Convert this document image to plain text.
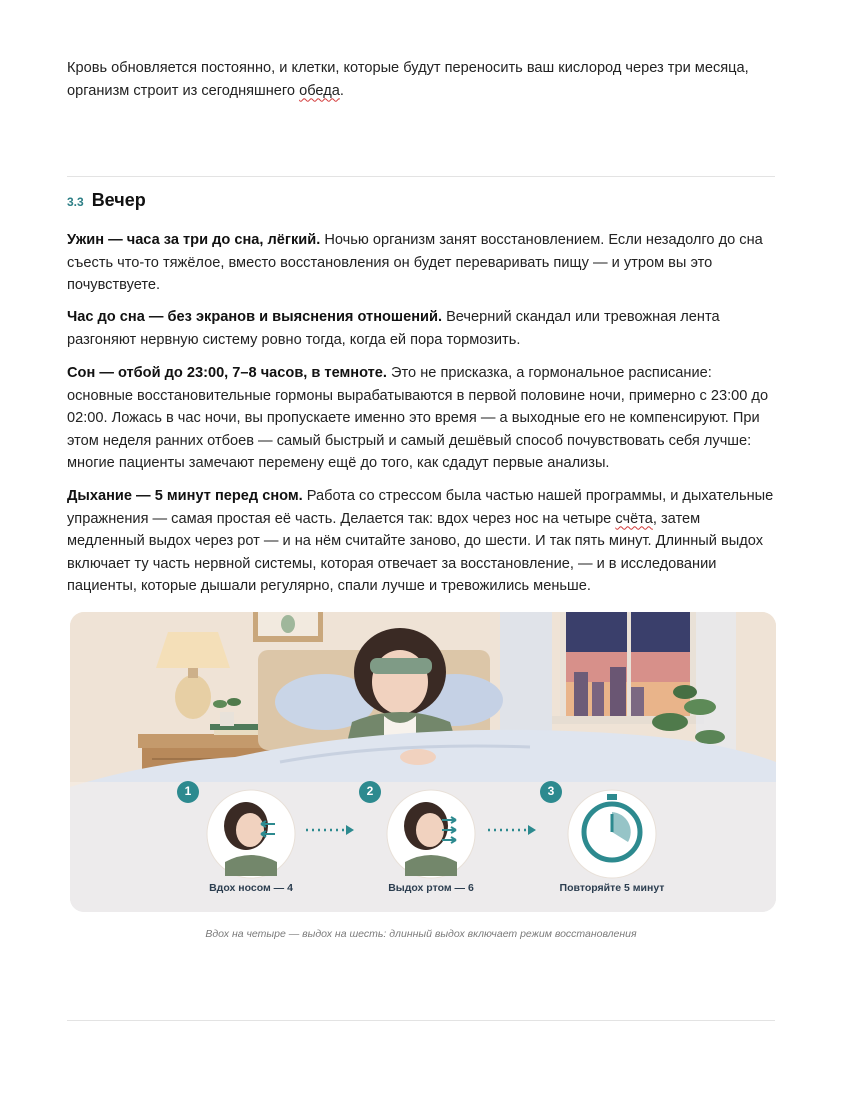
Кровь обновляется постоянно, и клетки, которые будут переносить ваш кислород через три месяца, организм строит из сегодняшнего обеда.

3.3 Вечер

Ужин — часа за три до сна, лёгкий. Ночью организм занят восстановлением. Если незадолго до сна съесть что-то тяжёлое, вместо восстановления он будет переваривать пищу — и утром вы это почувствуете.

Час до сна — без экранов и выяснения отношений. Вечерний скандал или тревожная лента разгоняют нервную систему ровно тогда, когда ей пора тормозить.

Сон — отбой до 23:00, 7–8 часов, в темноте. Это не присказка, а гормональное расписание: основные восстановительные гормоны вырабатываются в первой половине ночи, примерно с 23:00 до 02:00. Ложась в час ночи, вы пропускаете именно это время — а выходные его не компенсируют. При этом неделя ранних отбоев — самый быстрый и самый дешёвый способ почувствовать себя лучше: многие пациенты замечают перемену ещё до того, как сдадут первые анализы.

Дыхание — 5 минут перед сном. Работа со стрессом была частью нашей программы, и дыхательные упражнения — самая простая её часть. Делается так: вдох через нос на четыре счёта, затем медленный выдох через рот — и на нём считайте заново, до шести. И так пять минут. Длинный выдох включает ту часть нервной системы, которая отвечает за восстановление, — и в исследовании пациенты, которые дышали регулярно, спали лучше и тревожились меньше.

1	2	3
Вдох носом — 4	Выдох ртом — 6	Повторяйте 5 минут
Вдох на четыре — выдох на шесть: длинный выдох включает режим восстановления
